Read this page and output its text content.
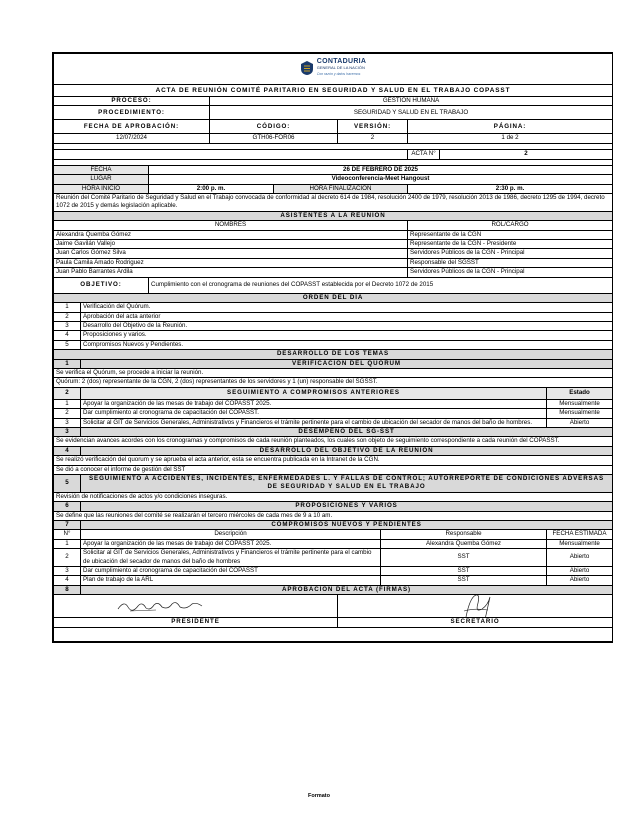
CONTADURIA
GENERAL DE LA NACIÓN
Con razón y datos hacemos									

ACTA DE REUNIÓN COMITÉ PARITARIO EN SEGURIDAD Y SALUD EN EL TRABAJO COPASST									
PROCESO:			GESTIÓN HUMANA						
PROCEDIMIENTO:			SEGURIDAD Y SALUD EN EL TRABAJO						
FECHA DE APROBACIÓN:			CÓDIGO:		VERSIÓN:		PÁGINA:		
12/07/2024			GTH06-FOR06		2		1 de 2		

							ACTA N°	2	

FECHA		26 DE FEBRERO DE 2025							
LUGAR		Videoconferencia-Meet Hangoust							
HORA INICIO		2:00 p. m.		HORA FINALIZACIÓN			2:30 p. m.		
Reunión del Comité Paritario de Seguridad y Salud en el Trabajo convocada de conformidad al decreto 614 de 1984, resolución 2400 de 1979, resolución 2013 de 1986, decreto 1295 de 1994, decreto 1072 de 2015 y demás legislación aplicable.									
ASISTENTES A LA REUNIÓN									
NOMBRES							ROL/CARGO		
Alexandra Quemba Gómez							Representante de la CGN		
Jaime Gavilán Vallejo							Representante de la CGN - Presidente		
Juan Carlos Gómez Silva							Servidores Públicos de la CGN - Principal		
Paula Camila Amado Rodriguez							Responsable del SGSST		
Juan Pablo Barrantes Ardila							Servidores Públicos de la CGN - Principal		
OBJETIVO:		Cumplimiento con el cronograma de reuniones del COPASST establecida por el Decreto 1072 de 2015							
ORDEN DEL DÍA									
1	Verificación del Quórum.								
2	Aprobación del acta anterior								
3	Desarrollo del Objetivo de la Reunión.								
4	Proposiciones y varios.								
5	Compromisos Nuevos y Pendientes.								
DESARROLLO DE LOS TEMAS									
1	VERIFICACIÓN DEL QUORUM								
Se verifica el Quórum, se procede a iniciar la reunión.									
Quórum: 2 (dos) representante de la CGN, 2 (dos) representantes de los servidores y 1 (un) responsable del SGSST.									
2	SEGUIMIENTO A COMPROMISOS ANTERIORES								Estado
1	Apoyar la organización de las mesas de trabajo del COPASST 2025.								Mensualmente
2	Dar cumplimiento al cronograma de capacitación del COPASST.								Mensualmente
3	Solicitar al GIT de Servicios Generales, Administrativos y Financieros el trámite pertinente para el cambio de ubicación del secador de manos del baño de hombres.								Abierto
3	DESEMPEÑO DEL SG-SST								
Se evidencian avances acordes con los cronogramas y compromisos de cada reunión planteados, los cuales son objeto de seguimiento correspondiente a cada reunión del COPASST.									
4	DESARROLLO DEL OBJETIVO DE LA REUNIÓN								
Se realizó verificación del quorum y se aprueba el acta anterior, esta se encuentra publicada en la Intranet de la CGN.									
Se dió a conocer el informe de gestión del SST									
5	SEGUIMIENTO A ACCIDENTES, INCIDENTES, ENFERMEDADES L. Y FALLAS DE CONTROL; AUTORREPORTE DE CONDICIONES ADVERSAS DE SEGURIDAD Y SALUD EN EL TRABAJO								
Revisión de notificaciones de actos y/o condiciones inseguras.									
6	PROPOSICIONES Y VARIOS								
Se define que las reuniones del comité se realizarán el tercero miércoles de cada mes de 9 a 10 am.									
7	COMPROMISOS NUEVOS Y PENDIENTES								
N°	Descripción					Responsable			FECHA ESTIMADA
1	Apoyar la organización de las mesas de trabajo del COPASST 2025.					Alexandra Quemba Gómez			Mensualmente
2	Solicitar al GIT de Servicios Generales, Administrativos y Financieros el trámite pertinente para el cambio de ubicación del secador de manos del baño de hombres					SST			Abierto
3	Dar cumplimiento al cronograma de capacitación del COPASST					SST			Abierto
4	Plan de trabajo de la ARL					SST			Abierto
8	APROBACIÓN DEL ACTA (FIRMAS)								

PRESIDENTE					SECRETARIO				

Formato
